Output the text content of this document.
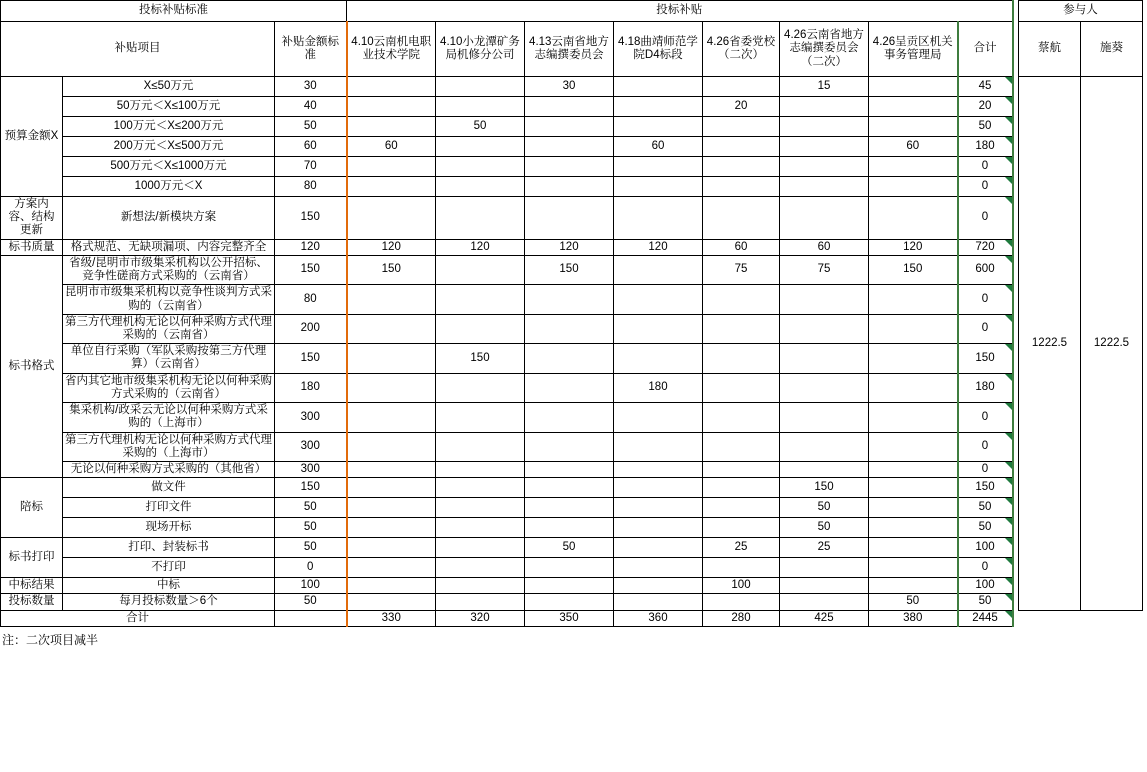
投标补贴标准			投标补贴									参与人	
补贴项目		补贴金额标准	4.10云南机电职业技术学院	4.10小龙潭矿务局机修分公司	4.13云南省地方志编撰委员会	4.18曲靖师范学院D4标段	4.26省委党校（二次）	4.26云南省地方志编撰委员会（二次）	4.26呈贡区机关事务管理局	合计		蔡航	施葵
预算金额X	X≤50万元	30			30			15		45		1222.5	1222.5
	50万元＜X≤100万元	40					20			20			
	100万元＜X≤200万元	50		50						50			
	200万元＜X≤500万元	60	60			60			60	180			
	500万元＜X≤1000万元	70								0			
	1000万元＜X	80								0			
方案内容、结构更新	新想法/新模块方案	150								0			
标书质量	格式规范、无缺项漏项、内容完整齐全	120	120	120	120	120	60	60	120	720			
标书格式	省级/昆明市市级集采机构以公开招标、竞争性磋商方式采购的（云南省）	150	150		150		75	75	150	600			
	昆明市市级集采机构以竞争性谈判方式采购的（云南省）	80								0			
	第三方代理机构无论以何种采购方式代理采购的（云南省）	200								0			
	单位自行采购（军队采购按第三方代理算）（云南省）	150		150						150			
	省内其它地市级集采机构无论以何种采购方式采购的（云南省）	180				180				180			
	集采机构/政采云无论以何种采购方式采购的（上海市）	300								0			
	第三方代理机构无论以何种采购方式代理采购的（上海市）	300								0			
	无论以何种采购方式采购的（其他省）	300								0			
陪标	做文件	150						150		150			
	打印文件	50						50		50			
	现场开标	50						50		50			
标书打印	打印、封装标书	50			50		25	25		100			
	不打印	0								0			
中标结果	中标	100					100			100			
投标数量	每月投标数量＞6个	50							50	50			
合计			330	320	350	360	280	425	380	2445			
注：二次项目减半
